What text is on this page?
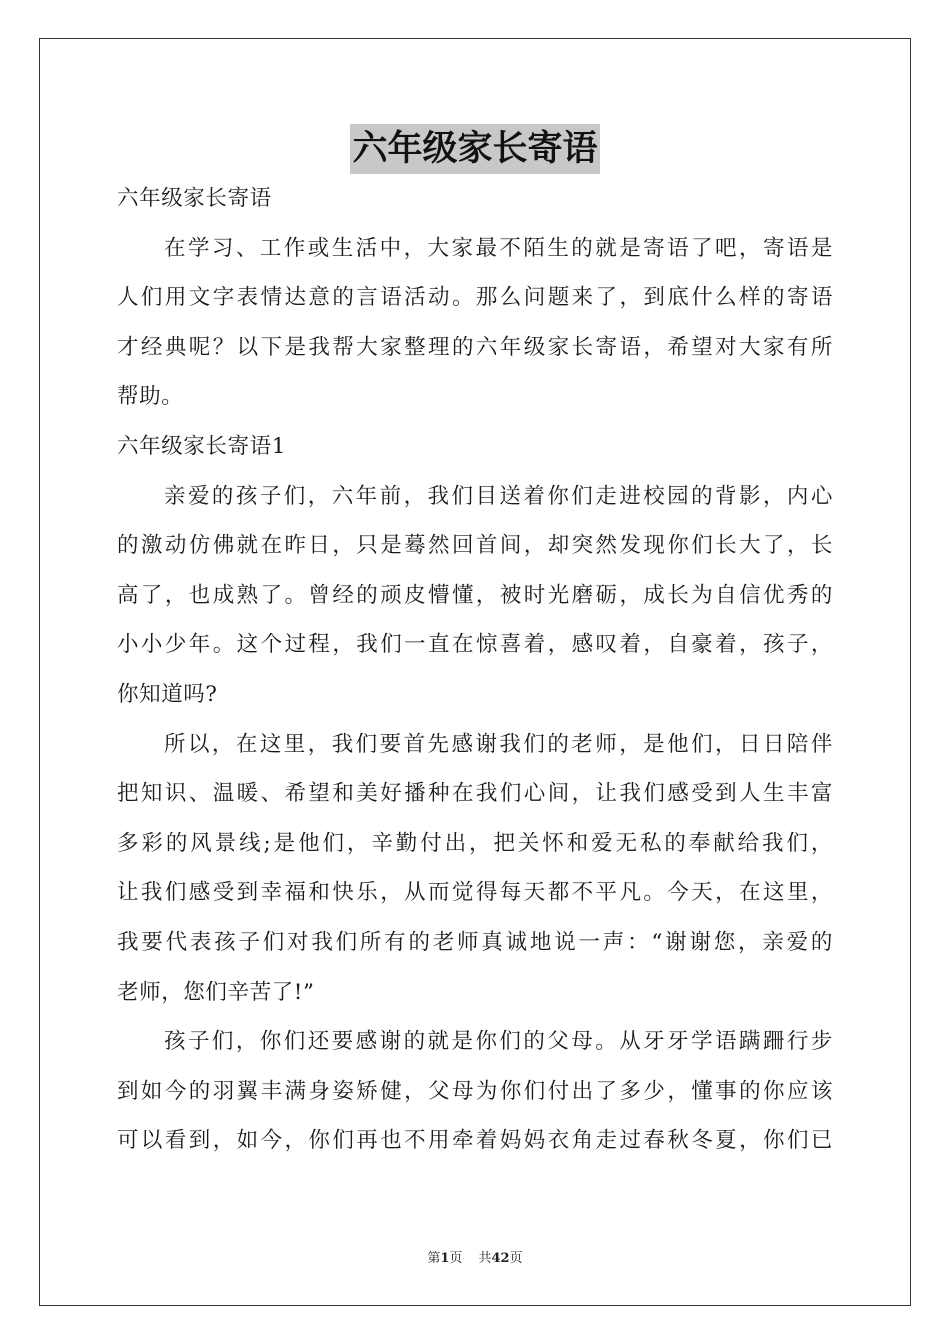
六年级家长寄语
六年级家长寄语
在学习、工作或生活中，大家最不陌生的就是寄语了吧，寄语是
人们用文字表情达意的言语活动。那么问题来了，到底什么样的寄语
才经典呢？以下是我帮大家整理的六年级家长寄语，希望对大家有所
帮助。
六年级家长寄语1
亲爱的孩子们，六年前，我们目送着你们走进校园的背影，内心
的激动仿佛就在昨日，只是蓦然回首间，却突然发现你们长大了，长
高了，也成熟了。曾经的顽皮懵懂，被时光磨砺，成长为自信优秀的
小小少年。这个过程，我们一直在惊喜着，感叹着，自豪着，孩子，
你知道吗?
所以，在这里，我们要首先感谢我们的老师，是他们，日日陪伴
把知识、温暖、希望和美好播种在我们心间，让我们感受到人生丰富
多彩的风景线;是他们，辛勤付出，把关怀和爱无私的奉献给我们，
让我们感受到幸福和快乐，从而觉得每天都不平凡。今天，在这里，
我要代表孩子们对我们所有的老师真诚地说一声：“谢谢您，亲爱的
老师，您们辛苦了!”
孩子们，你们还要感谢的就是你们的父母。从牙牙学语蹒跚行步
到如今的羽翼丰满身姿矫健，父母为你们付出了多少，懂事的你应该
可以看到，如今，你们再也不用牵着妈妈衣角走过春秋冬夏，你们已
第1页 共42页
